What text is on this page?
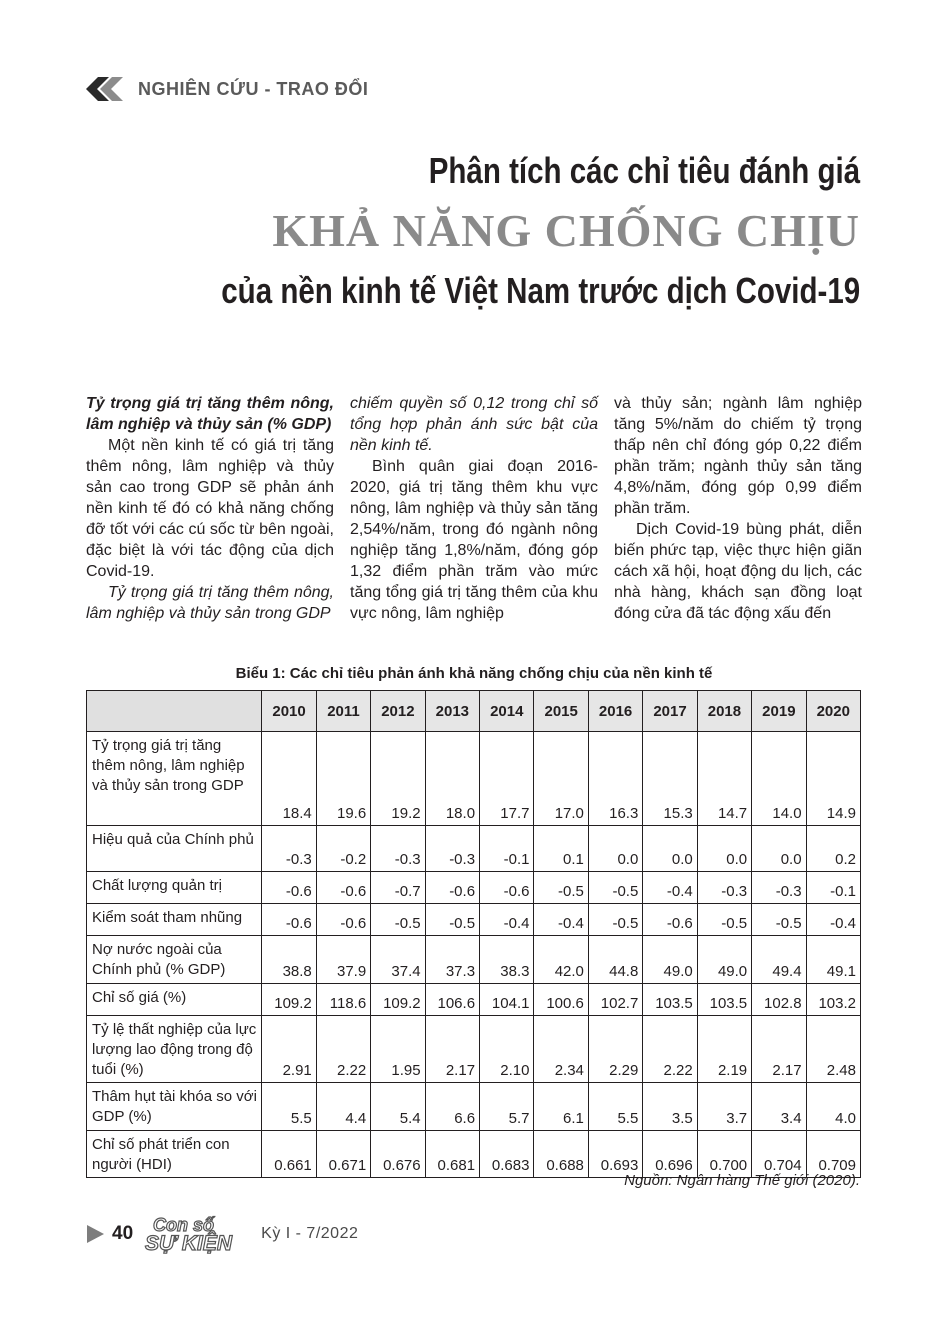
NGHIÊN CỨU - TRAO ĐỔI
Phân tích các chỉ tiêu đánh giá
KHẢ NĂNG CHỐNG CHỊU
của nền kinh tế Việt Nam trước dịch Covid-19

Tỷ trọng giá trị tăng thêm nông, lâm nghiệp và thủy sản (% GDP)

Một nền kinh tế có giá trị tăng thêm nông, lâm nghiệp và thủy sản cao trong GDP sẽ phản ánh nền kinh tế đó có khả năng chống đỡ tốt với các cú sốc từ bên ngoài, đặc biệt là với tác động của dịch Covid-19.

Tỷ trọng giá trị tăng thêm nông, lâm nghiệp và thủy sản trong GDP

chiếm quyền số 0,12 trong chỉ số tổng hợp phản ánh sức bật của nền kinh tế.

Bình quân giai đoạn 2016-2020, giá trị tăng thêm khu vực nông, lâm nghiệp và thủy sản tăng 2,54%/năm, trong đó ngành nông nghiệp tăng 1,8%/năm, đóng góp 1,32 điểm phần trăm vào mức tăng tổng giá trị tăng thêm của khu vực nông, lâm nghiệp

và thủy sản; ngành lâm nghiệp tăng 5%/năm do chiếm tỷ trọng thấp nên chỉ đóng góp 0,22 điểm phần trăm; ngành thủy sản tăng 4,8%/năm, đóng góp 0,99 điểm phần trăm.

Dịch Covid-19 bùng phát, diễn biến phức tạp, việc thực hiện giãn cách xã hội, hoạt động du lịch, các nhà hàng, khách sạn đồng loạt đóng cửa đã tác động xấu đến

Biểu 1: Các chỉ tiêu phản ánh khả năng chống chịu của nền kinh tế
	2010	2011	2012	2013	2014	2015	2016	2017	2018	2019	2020
Tỷ trọng giá trị tăng thêm nông, lâm nghiệp và thủy sản trong GDP	18.4	19.6	19.2	18.0	17.7	17.0	16.3	15.3	14.7	14.0	14.9
Hiệu quả của Chính phủ	-0.3	-0.2	-0.3	-0.3	-0.1	0.1	0.0	0.0	0.0	0.0	0.2
Chất lượng quản trị	-0.6	-0.6	-0.7	-0.6	-0.6	-0.5	-0.5	-0.4	-0.3	-0.3	-0.1
Kiểm soát tham nhũng	-0.6	-0.6	-0.5	-0.5	-0.4	-0.4	-0.5	-0.6	-0.5	-0.5	-0.4
Nợ nước ngoài của Chính phủ (% GDP)	38.8	37.9	37.4	37.3	38.3	42.0	44.8	49.0	49.0	49.4	49.1
Chỉ số giá (%)	109.2	118.6	109.2	106.6	104.1	100.6	102.7	103.5	103.5	102.8	103.2
Tỷ lệ thất nghiệp của lực lượng lao động trong độ tuổi (%)	2.91	2.22	1.95	2.17	2.10	2.34	2.29	2.22	2.19	2.17	2.48
Thâm hụt tài khóa so với GDP (%)	5.5	4.4	5.4	6.6	5.7	6.1	5.5	3.5	3.7	3.4	4.0
Chỉ số phát triển con người (HDI)	0.661	0.671	0.676	0.681	0.683	0.688	0.693	0.696	0.700	0.704	0.709
Nguồn: Ngân hàng Thế giới (2020).
40 Con số
SỰ KIỆN Kỳ I - 7/2022
